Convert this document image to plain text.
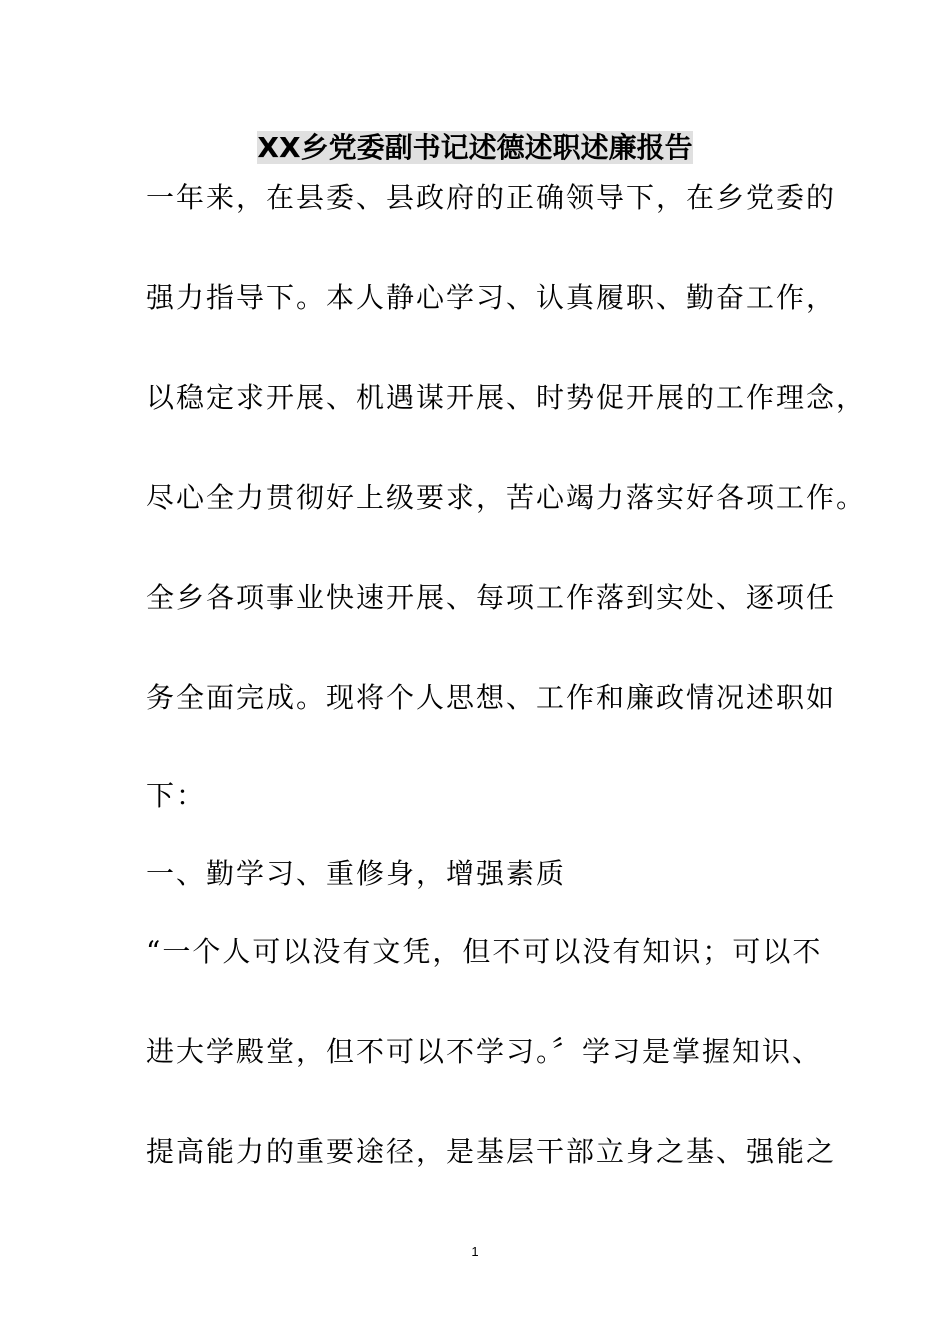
XX乡党委副书记述德述职述廉报告
一年来，在县委、县政府的正确领导下，在乡党委的
强力指导下。本人静心学习、认真履职、勤奋工作，
以稳定求开展、机遇谋开展、时势促开展的工作理念，
尽心全力贯彻好上级要求，苦心竭力落实好各项工作。
全乡各项事业快速开展、每项工作落到实处、逐项任
务全面完成。现将个人思想、工作和廉政情况述职如
下：
一、勤学习、重修身，增强素质
“一个人可以没有文凭，但不可以没有知识；可以不
进大学殿堂，但不可以不学习。〞学习是掌握知识、
提高能力的重要途径，是基层干部立身之基、强能之
1
